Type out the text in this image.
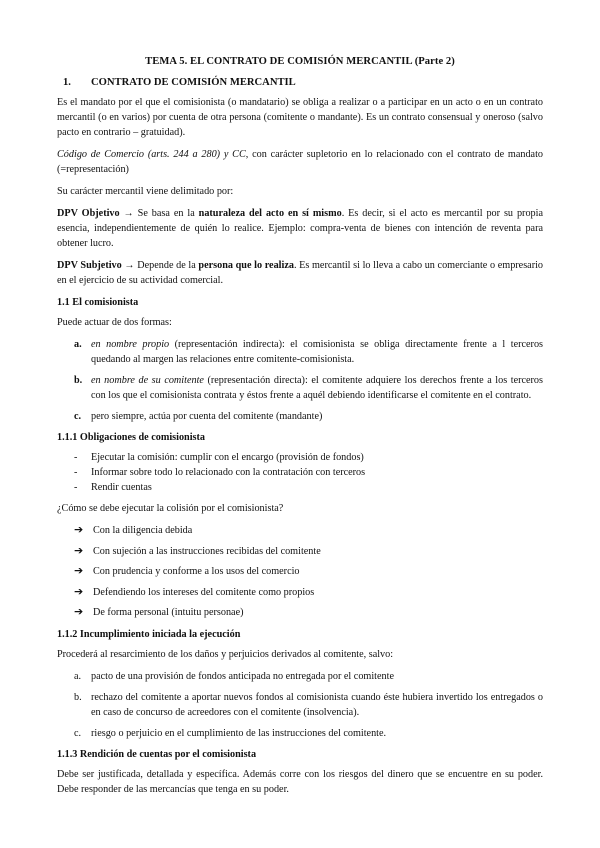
TEMA 5. EL CONTRATO DE COMISIÓN MERCANTIL (Parte 2)
1. CONTRATO DE COMISIÓN MERCANTIL

Es el mandato por el que el comisionista (o mandatario) se obliga a realizar o a participar en un acto o en un contrato mercantil (o en varios) por cuenta de otra persona (comitente o mandante). Es un contrato consensual y oneroso (salvo pacto en contrario – gratuidad).

Código de Comercio (arts. 244 a 280) y CC, con carácter supletorio en lo relacionado con el contrato de mandato (=representación)

Su carácter mercantil viene delimitado por:

DPV Objetivo → Se basa en la naturaleza del acto en sí mismo. Es decir, si el acto es mercantil por su propia esencia, independientemente de quién lo realice. Ejemplo: compra-venta de bienes con intención de reventa para obtener lucro.

DPV Subjetivo → Depende de la persona que lo realiza. Es mercantil si lo lleva a cabo un comerciante o empresario en el ejercicio de su actividad comercial.

1.1 El comisionista

Puede actuar de dos formas:

a. en nombre propio (representación indirecta): el comisionista se obliga directamente frente a l terceros quedando al margen las relaciones entre comitente-comisionista.
b. en nombre de su comitente (representación directa): el comitente adquiere los derechos frente a los terceros con los que el comisionista contrata y éstos frente a aquél debiendo identificarse el comitente en el contrato.
c. pero siempre, actúa por cuenta del comitente (mandante)
1.1.1 Obligaciones de comisionista
- Ejecutar la comisión: cumplir con el encargo (provisión de fondos)
- Informar sobre todo lo relacionado con la contratación con terceros
- Rendir cuentas

¿Cómo se debe ejecutar la colisión por el comisionista?

➔ Con la diligencia debida
➔ Con sujeción a las instrucciones recibidas del comitente
➔ Con prudencia y conforme a los usos del comercio
➔ Defendiendo los intereses del comitente como propios
➔ De forma personal (intuitu personae)
1.1.2 Incumplimiento iniciada la ejecución

Procederá al resarcimiento de los daños y perjuicios derivados al comitente, salvo:

a. pacto de una provisión de fondos anticipada no entregada por el comitente
b. rechazo del comitente a aportar nuevos fondos al comisionista cuando éste hubiera invertido los entregados o en caso de concurso de acreedores con el comitente (insolvencia).
c. riesgo o perjuicio en el cumplimiento de las instrucciones del comitente.
1.1.3 Rendición de cuentas por el comisionista

Debe ser justificada, detallada y específica. Además corre con los riesgos del dinero que se encuentre en su poder. Debe responder de las mercancías que tenga en su poder.
